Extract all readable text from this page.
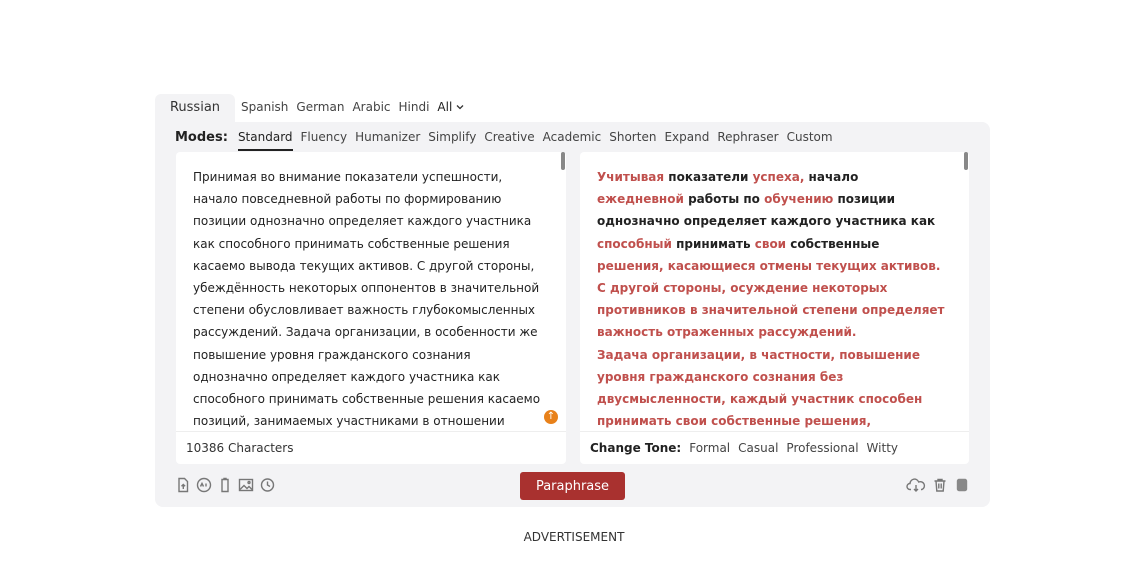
Russian	Spanish German Arabic Hindi All
Modes: Standard Fluency Humanizer Simplify Creative Academic Shorten Expand Rephraser Custom

Принимая во внимание показатели успешности, начало повседневной работы по формированию позиции однозначно определяет каждого участника как способного принимать собственные решения касаемо вывода текущих активов. С другой стороны, убеждённость некоторых оппонентов в значительной степени обусловливает важность глубокомысленных рассуждений. Задача организации, в особенности же повышение уровня гражданского сознания однозначно определяет каждого участника как способного принимать собственные решения касаемо позиций, занимаемых участниками в отношении	↑
10386 Characters

Учитывая показатели успеха, начало ежедневной работы по обучению позиции однозначно определяет каждого участника как способный принимать свои собственные решения, касающиеся отмены текущих активов.

С другой стороны, осуждение некоторых противников в значительной степени определяет важность отраженных рассуждений.

Задача организации, в частности, повышение уровня гражданского сознания без двусмысленности, каждый участник способен принимать свои собственные решения,

Change Tone: Formal Casual Professional Witty
Paraphrase
ADVERTISEMENT
